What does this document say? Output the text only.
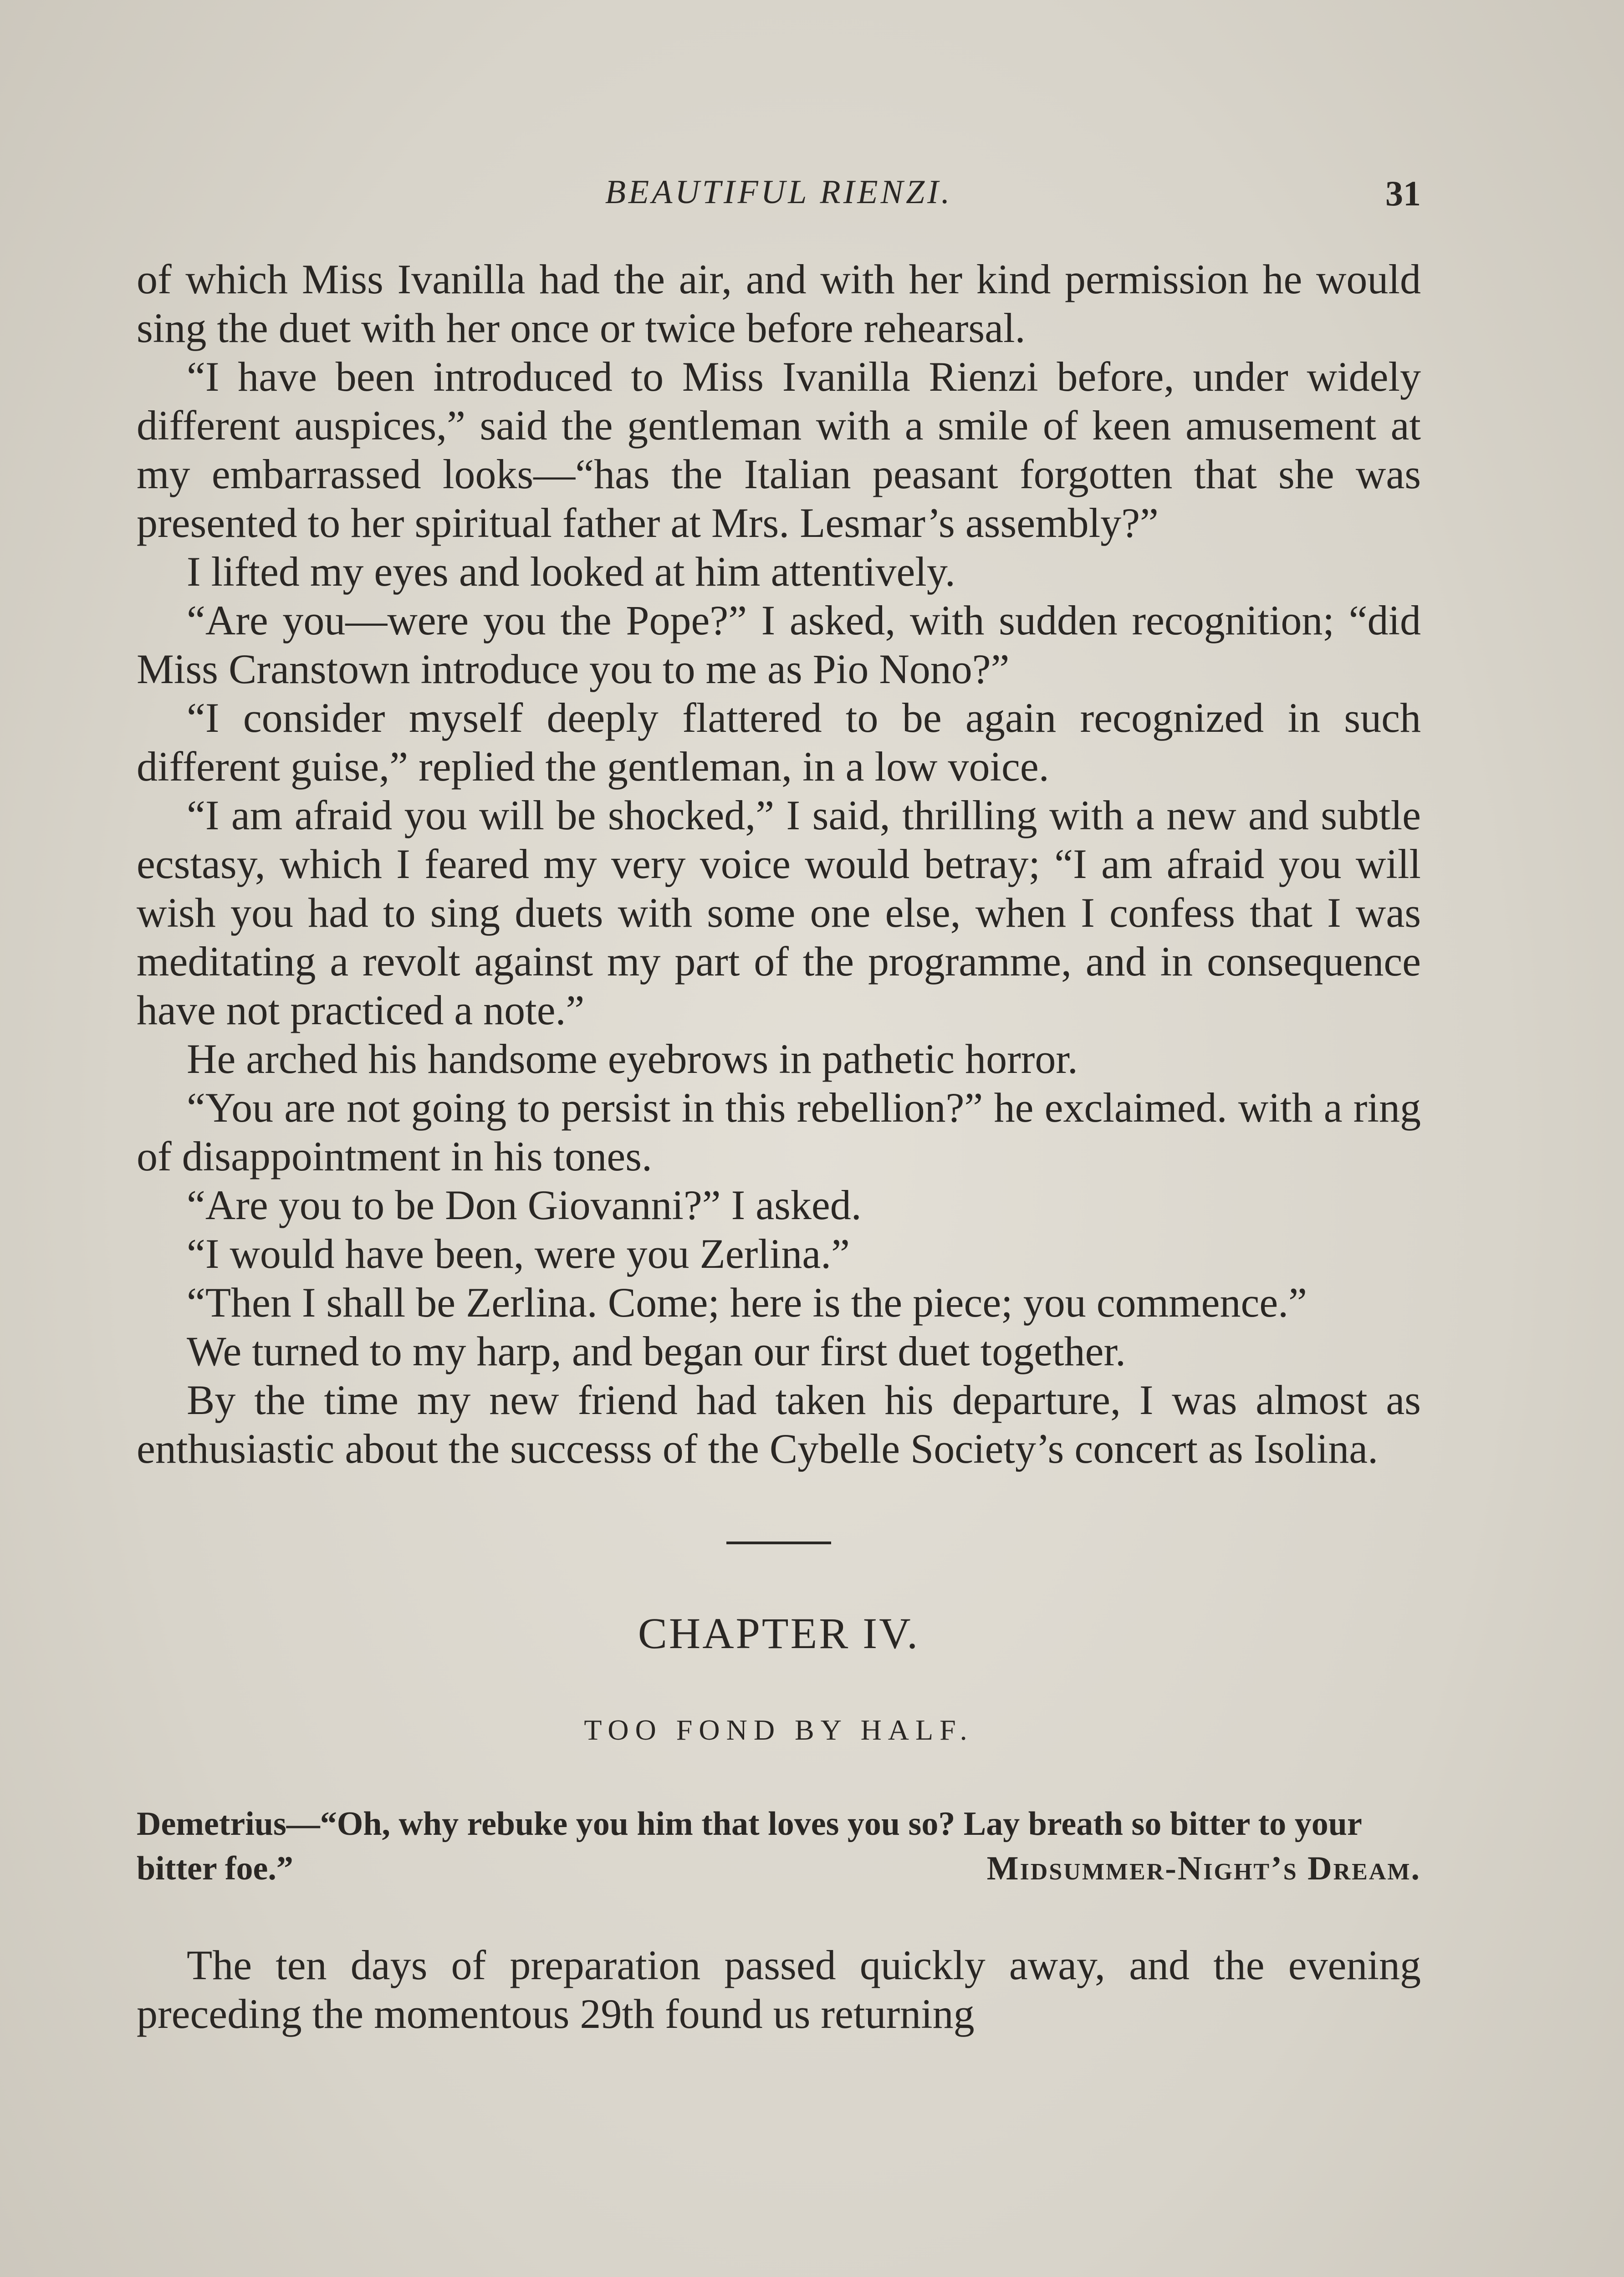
BEAUTIFUL RIENZI.	31

of which Miss Ivanilla had the air, and with her kind permission he would sing the duet with her once or twice before rehearsal.

“I have been introduced to Miss Ivanilla Rienzi before, under widely different auspices,” said the gentleman with a smile of keen amusement at my embarrassed looks—“has the Italian peasant forgotten that she was presented to her spiritual father at Mrs. Lesmar’s assembly?”

I lifted my eyes and looked at him attentively.

“Are you—were you the Pope?” I asked, with sudden recognition; “did Miss Cranstown introduce you to me as Pio Nono?”

“I consider myself deeply flattered to be again recognized in such different guise,” replied the gentleman, in a low voice.

“I am afraid you will be shocked,” I said, thrilling with a new and subtle ecstasy, which I feared my very voice would betray; “I am afraid you will wish you had to sing duets with some one else, when I confess that I was meditating a revolt against my part of the programme, and in consequence have not practiced a note.”

He arched his handsome eyebrows in pathetic horror.

“You are not going to persist in this rebellion?” he exclaimed. with a ring of disappointment in his tones.

“Are you to be Don Giovanni?” I asked.

“I would have been, were you Zerlina.”

“Then I shall be Zerlina. Come; here is the piece; you commence.”

We turned to my harp, and began our first duet together.

By the time my new friend had taken his departure, I was almost as enthusiastic about the successs of the Cybelle Society’s concert as Isolina.

CHAPTER IV.
TOO FOND BY HALF.
Demetrius—“Oh, why rebuke you him that loves you so? Lay breath so bitter to your bitter foe.”	Midsummer-Night’s Dream.

The ten days of preparation passed quickly away, and the evening preceding the momentous 29th found us returning
